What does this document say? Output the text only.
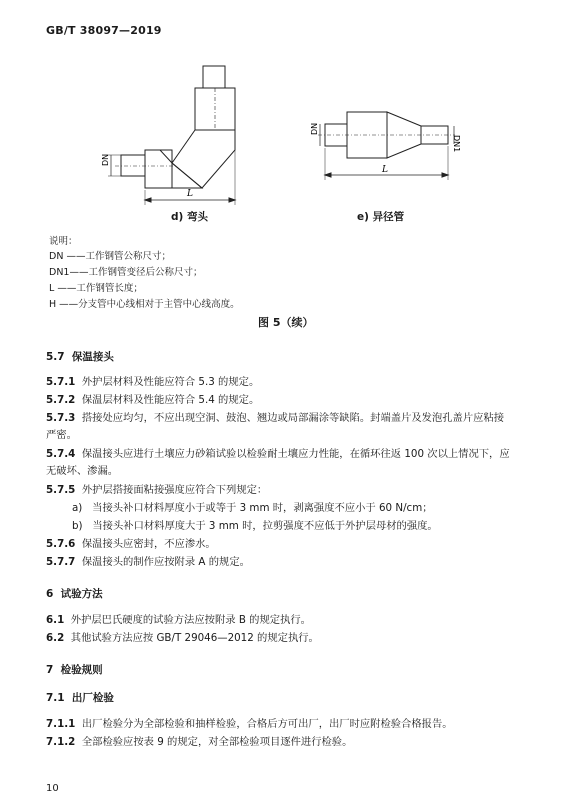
GB/T 38097—2019
DN
L
DN
DN1
L
d) 弯头	e) 异径管
说明：
DN ——工作钢管公称尺寸；
DN1——工作钢管变径后公称尺寸；
L ——工作钢管长度；
H ——分支管中心线相对于主管中心线高度。
图 5（续）
5.7 保温接头
5.7.1 外护层材料及性能应符合 5.3 的规定。
5.7.2 保温层材料及性能应符合 5.4 的规定。
5.7.3 搭接处应均匀，不应出现空洞、鼓泡、翘边或局部漏涂等缺陷。封端盖片及发泡孔盖片应粘接
严密。
5.7.4 保温接头应进行土壤应力砂箱试验以检验耐土壤应力性能，在循环往返 100 次以上情况下，应
无破坏、渗漏。
5.7.5 外护层搭接面粘接强度应符合下列规定：
a) 当接头补口材料厚度小于或等于 3 mm 时，剥离强度不应小于 60 N/cm；
b) 当接头补口材料厚度大于 3 mm 时，拉剪强度不应低于外护层母材的强度。
5.7.6 保温接头应密封，不应渗水。
5.7.7 保温接头的制作应按附录 A 的规定。
6 试验方法
6.1 外护层巴氏硬度的试验方法应按附录 B 的规定执行。
6.2 其他试验方法应按 GB/T 29046—2012 的规定执行。
7 检验规则
7.1 出厂检验
7.1.1 出厂检验分为全部检验和抽样检验，合格后方可出厂，出厂时应附检验合格报告。
7.1.2 全部检验应按表 9 的规定，对全部检验项目逐件进行检验。
10
